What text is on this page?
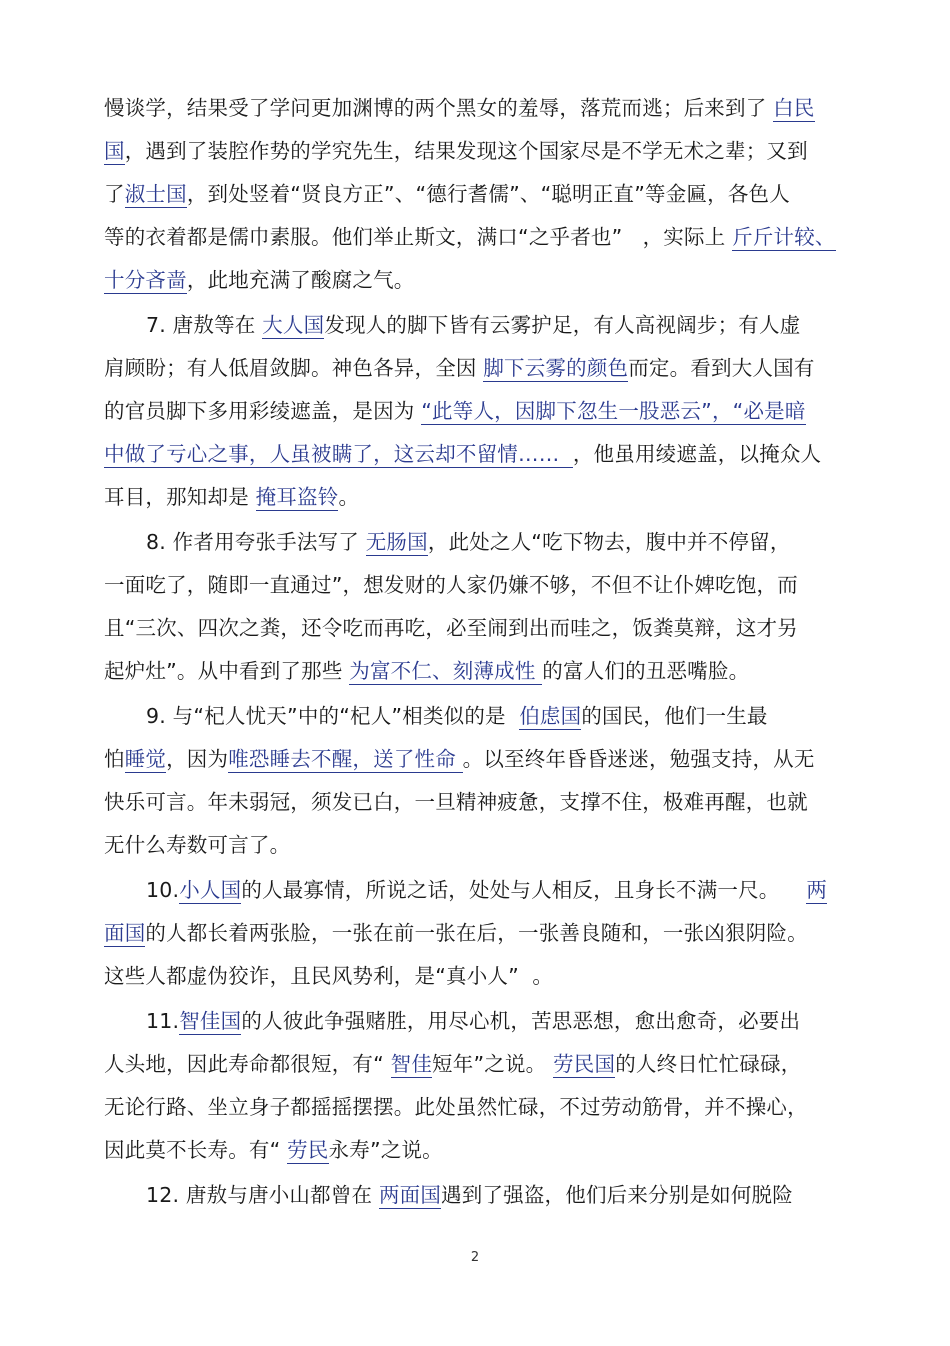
慢谈学，结果受了学问更加渊博的两个黑女的羞辱，落荒而逃；后来到了 白民
国，遇到了装腔作势的学究先生，结果发现这个国家尽是不学无术之辈；又到
了淑士国，到处竖着“贤良方正”、“德行耆儒”、“聪明正直”等金匾，各色人
等的衣着都是儒巾素服。他们举止斯文，满口“之乎者也”   ，实际上 斤斤计较、
十分吝啬，此地充满了酸腐之气。
7. 唐敖等在 大人国发现人的脚下皆有云雾护足，有人高视阔步；有人虚
肩顾盼；有人低眉敛脚。神色各异，全因 脚下云雾的颜色而定。看到大人国有
的官员脚下多用彩绫遮盖，是因为 “此等人，因脚下忽生一股恶云”，“必是暗
中做了亏心之事，人虽被瞒了，这云却不留情……  ，他虽用绫遮盖，以掩众人
耳目，那知却是 掩耳盗铃。
8. 作者用夸张手法写了 无肠国，此处之人“吃下物去，腹中并不停留，
一面吃了，随即一直通过”，想发财的人家仍嫌不够，不但不让仆婢吃饱，而
且“三次、四次之粪，还令吃而再吃，必至闹到出而哇之，饭粪莫辩，这才另
起炉灶”。从中看到了那些 为富不仁、刻薄成性 的富人们的丑恶嘴脸。
9. 与“杞人忧天”中的“杞人”相类似的是  伯虑国的国民，他们一生最
怕睡觉，因为唯恐睡去不醒，送了性命 。以至终年昏昏迷迷，勉强支持，从无
快乐可言。年未弱冠，须发已白，一旦精神疲惫，支撑不住，极难再醒，也就
无什么寿数可言了。
10.小人国的人最寡情，所说之话，处处与人相反，且身长不满一尺。    两
面国的人都长着两张脸，一张在前一张在后，一张善良随和，一张凶狠阴险。
这些人都虚伪狡诈，且民风势利，是“真小人”  。
11.智佳国的人彼此争强赌胜，用尽心机，苦思恶想，愈出愈奇，必要出
人头地，因此寿命都很短，有“ 智佳短年”之说。 劳民国的人终日忙忙碌碌，
无论行路、坐立身子都摇摇摆摆。此处虽然忙碌，不过劳动筋骨，并不操心，
因此莫不长寿。有“ 劳民永寿”之说。
12. 唐敖与唐小山都曾在 两面国遇到了强盗，他们后来分别是如何脱险
2
